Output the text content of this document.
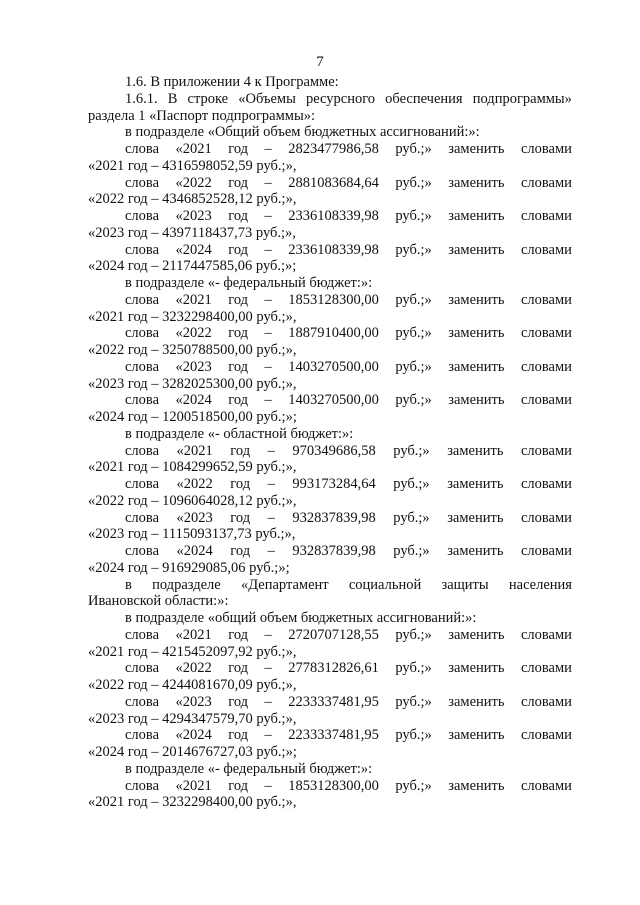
7
1.6. В приложении 4 к Программе:
1.6.1. В строке «Объемы ресурсного обеспечения подпрограммы»
раздела 1 «Паспорт подпрограммы»:
в подразделе «Общий объем бюджетных ассигнований:»:
слова «2021 год – 2823477986,58 руб.;» заменить словами
«2021 год – 4316598052,59 руб.;»,
слова «2022 год – 2881083684,64 руб.;» заменить словами
«2022 год – 4346852528,12 руб.;»,
слова «2023 год – 2336108339,98 руб.;» заменить словами
«2023 год – 4397118437,73 руб.;»,
слова «2024 год – 2336108339,98 руб.;» заменить словами
«2024 год – 2117447585,06 руб.;»;
в подразделе «- федеральный бюджет:»:
слова «2021 год – 1853128300,00 руб.;» заменить словами
«2021 год – 3232298400,00 руб.;»,
слова «2022 год – 1887910400,00 руб.;» заменить словами
«2022 год – 3250788500,00 руб.;»,
слова «2023 год – 1403270500,00 руб.;» заменить словами
«2023 год – 3282025300,00 руб.;»,
слова «2024 год – 1403270500,00 руб.;» заменить словами
«2024 год – 1200518500,00 руб.;»;
в подразделе «- областной бюджет:»:
слова «2021 год – 970349686,58 руб.;» заменить словами
«2021 год – 1084299652,59 руб.;»,
слова «2022 год – 993173284,64 руб.;» заменить словами
«2022 год – 1096064028,12 руб.;»,
слова «2023 год – 932837839,98 руб.;» заменить словами
«2023 год – 1115093137,73 руб.;»,
слова «2024 год – 932837839,98 руб.;» заменить словами
«2024 год – 916929085,06 руб.;»;
в подразделе «Департамент социальной защиты населения
Ивановской области:»:
в подразделе «общий объем бюджетных ассигнований:»:
слова «2021 год – 2720707128,55 руб.;» заменить словами
«2021 год – 4215452097,92 руб.;»,
слова «2022 год – 2778312826,61 руб.;» заменить словами
«2022 год – 4244081670,09 руб.;»,
слова «2023 год – 2233337481,95 руб.;» заменить словами
«2023 год – 4294347579,70 руб.;»,
слова «2024 год – 2233337481,95 руб.;» заменить словами
«2024 год – 2014676727,03 руб.;»;
в подразделе «- федеральный бюджет:»:
слова «2021 год – 1853128300,00 руб.;» заменить словами
«2021 год – 3232298400,00 руб.;»,
